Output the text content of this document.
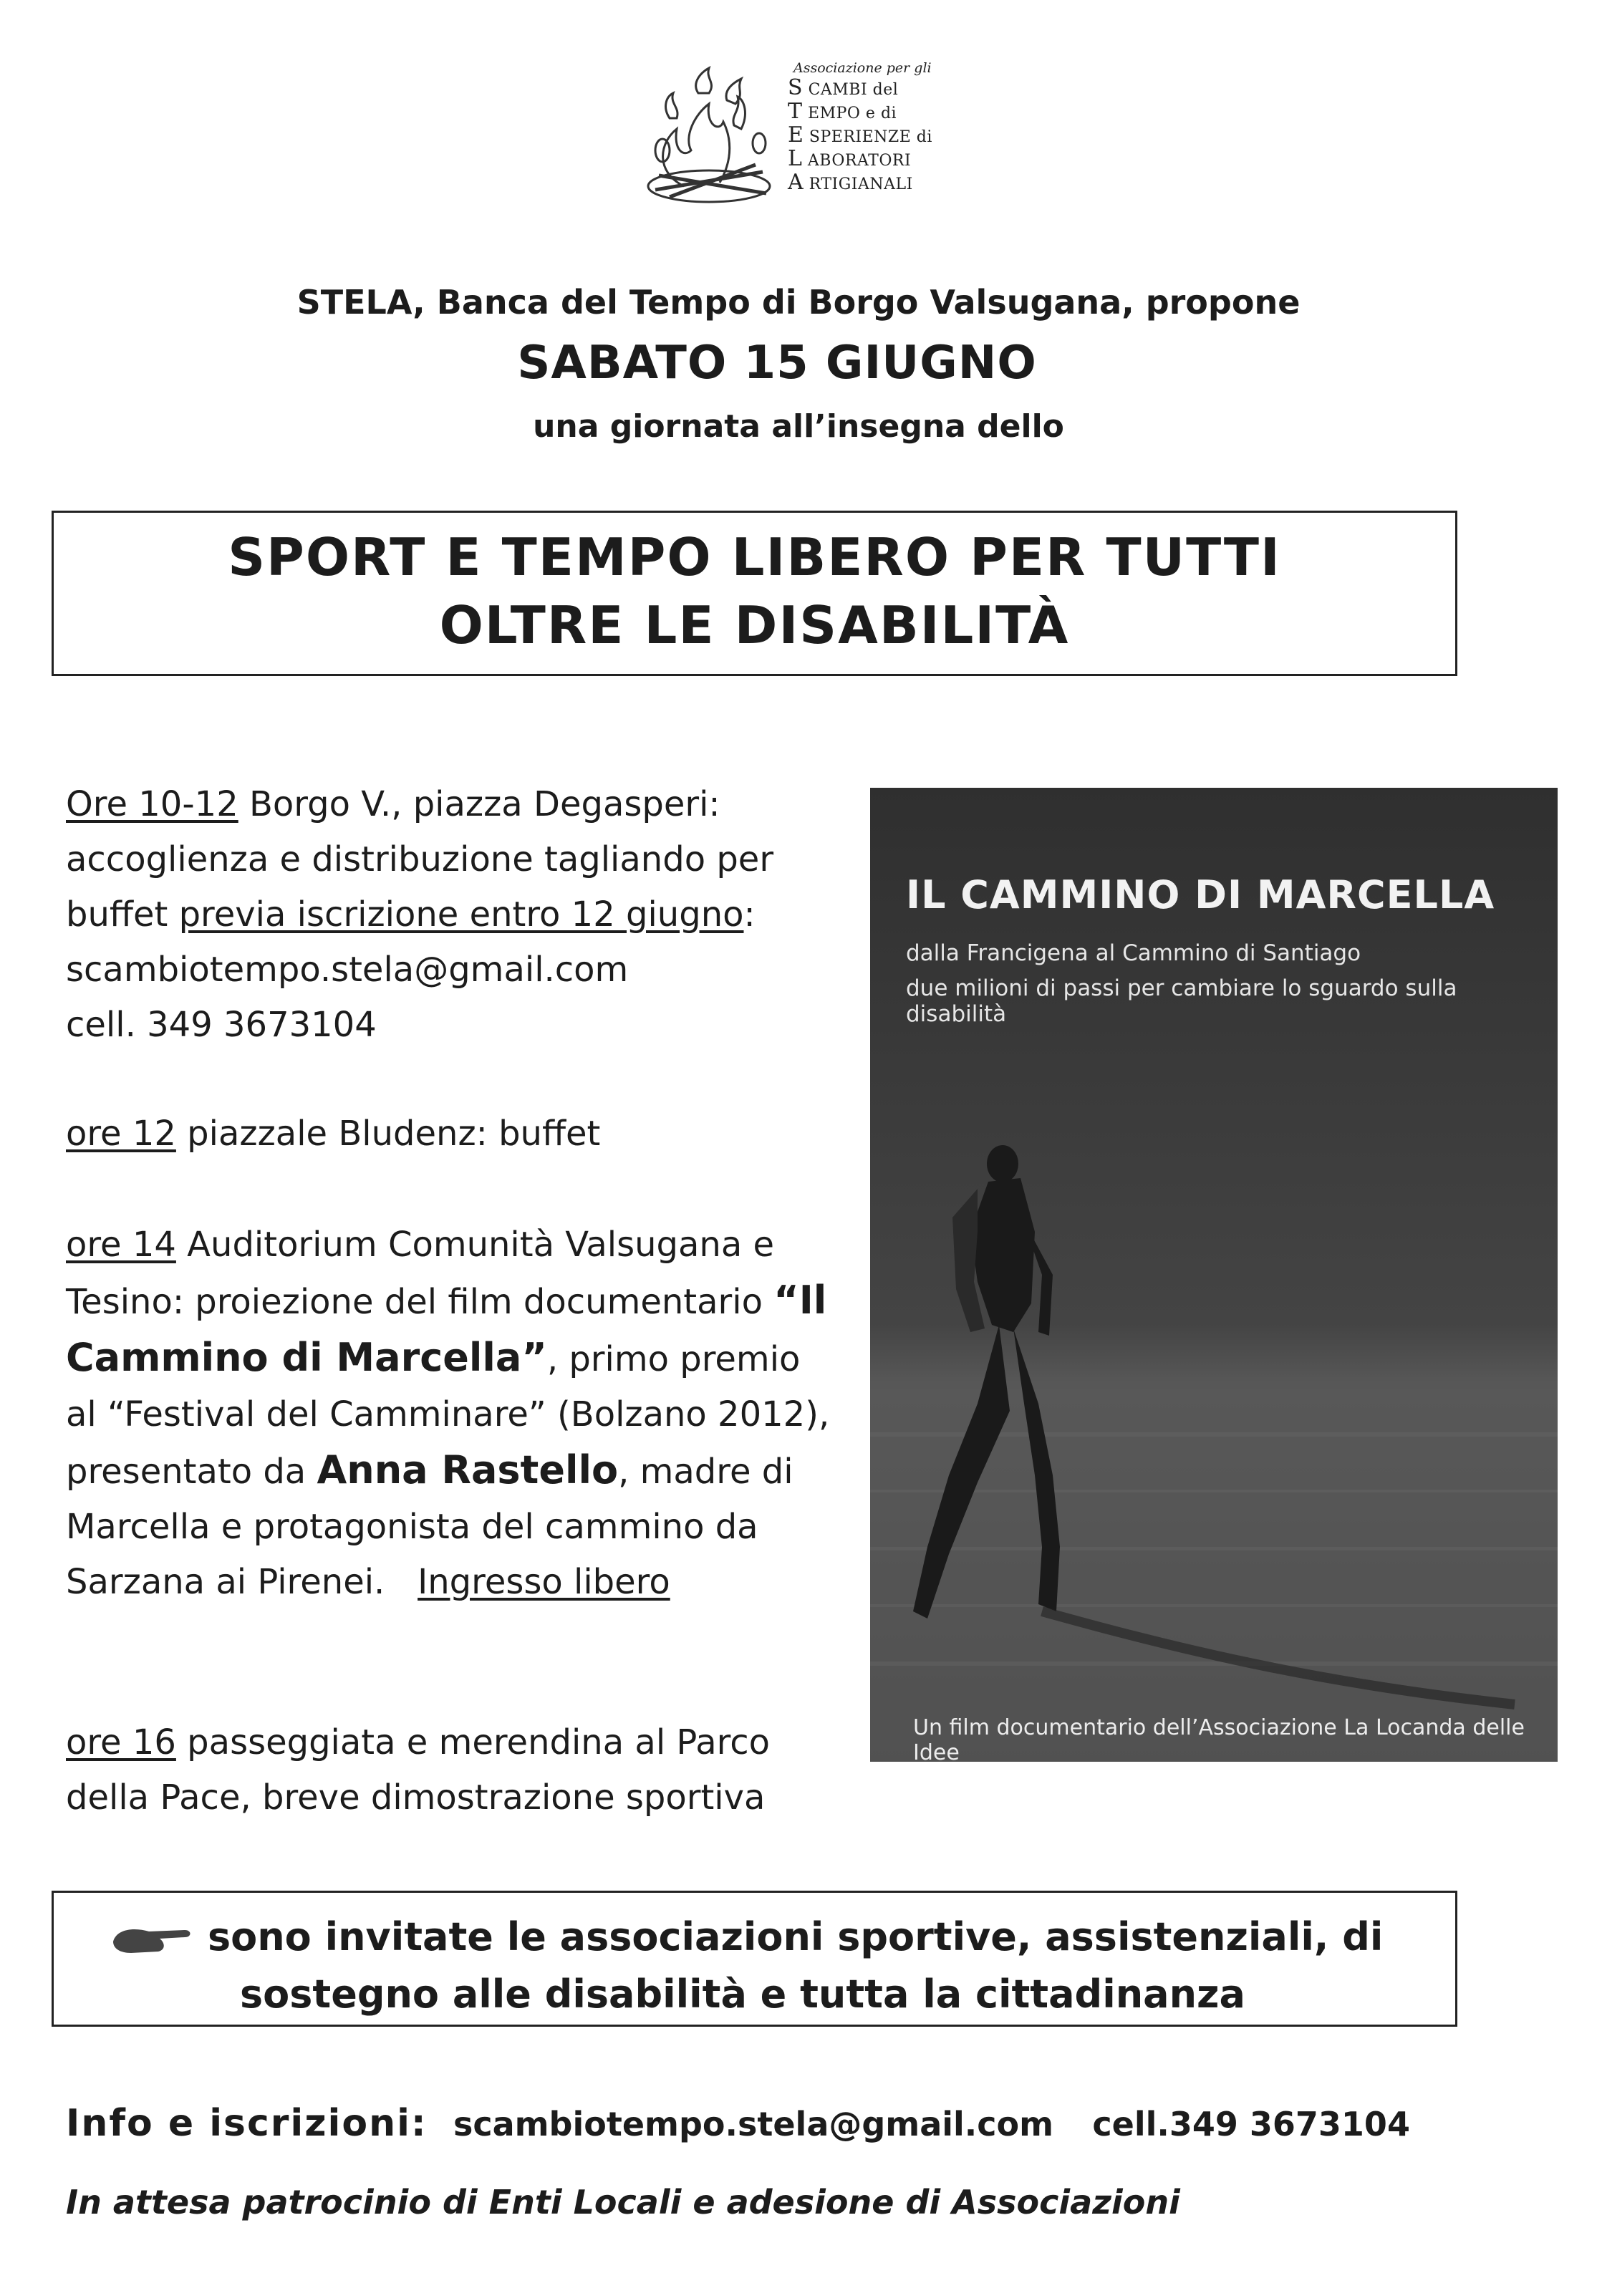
Associazione per gli
S CAMBI del
T EMPO e di
E SPERIENZE di
L ABORATORI
A RTIGIANALI
STELA, Banca del Tempo di Borgo Valsugana, propone
SABATO 15 GIUGNO
una giornata all’insegna dello
SPORT E TEMPO LIBERO PER TUTTI
OLTRE LE DISABILITÀ
Ore 10-12 Borgo V., piazza Degasperi: accoglienza e distribuzione tagliando per buffet previa iscrizione entro 12 giugno:
scambiotempo.stela@gmail.com
cell. 349 3673104
ore 12 piazzale Bludenz: buffet
ore 14 Auditorium Comunità Valsugana e Tesino: proiezione del film documentario “Il Cammino di Marcella”, primo premio al “Festival del Camminare” (Bolzano 2012), presentato da Anna Rastello, madre di Marcella e protagonista del cammino da Sarzana ai Pirenei.   Ingresso libero
ore 16 passeggiata e merendina al Parco della Pace, breve dimostrazione sportiva
IL CAMMINO DI MARCELLA
dalla Francigena al Cammino di Santiago
due milioni di passi per cambiare lo sguardo sulla disabilità
Un film documentario dell’Associazione La Locanda delle Idee
sono invitate le associazioni sportive, assistenziali, di
sostegno alle disabilità e tutta la cittadinanza
Info e iscrizioni: scambiotempo.stela@gmail.com cell.349 3673104
In attesa patrocinio di Enti Locali e adesione di Associazioni
